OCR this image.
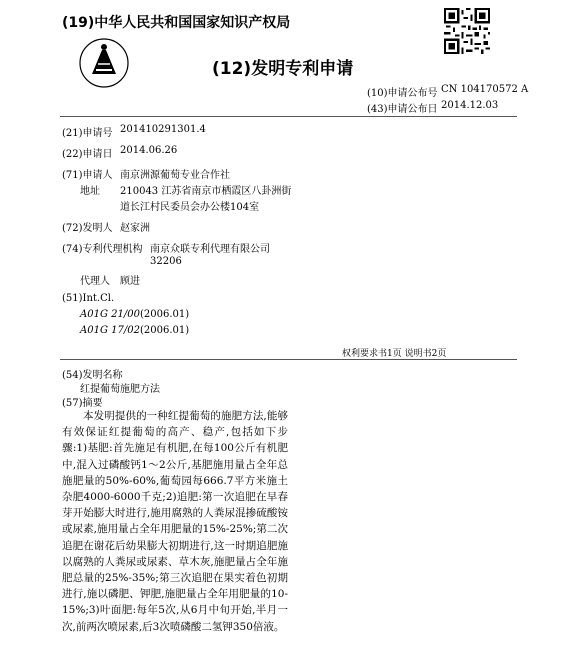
(19)中华人民共和国国家知识产权局
(12)发明专利申请
(10)申请公布号 CN 104170572 A
(43)申请公布日 2014.12.03
(21)申请号 201410291301.4
(22)申请日 2014.06.26
(71)申请人 南京洲源葡萄专业合作社
地址 210043 江苏省南京市栖霞区八卦洲街
道长江村民委员会办公楼104室
(72)发明人 赵家洲
(74)专利代理机构 南京众联专利代理有限公司
32206
代理人 顾进
(51)Int.Cl.
A01G 21/00 (2006.01)
A01G 17/02 (2006.01)
权利要求书1页 说明书2页
(54)发明名称
红提葡萄施肥方法
(57)摘要

本发明提供的一种红提葡萄的施肥方法,能够有效保证红提葡萄的高产、稳产,包括如下步骤:1)基肥:首先施足有机肥,在每100公斤有机肥中,混入过磷酸钙1～2公斤,基肥施用量占全年总施肥量的50%-60%,葡萄园每666.7平方米施土杂肥4000-6000千克;2)追肥:第一次追肥在早春芽开始膨大时进行,施用腐熟的人粪尿混掺硫酸铵或尿素,施用量占全年用肥量的15%-25%;第二次追肥在谢花后幼果膨大初期进行,这一时期追肥施以腐熟的人粪尿或尿素、草木灰,施肥量占全年施肥总量的25%-35%;第三次追肥在果实着色初期进行,施以磷肥、钾肥,施肥量占全年用肥量的10-15%;3)叶面肥:每年5次,从6月中旬开始,半月一次,前两次喷尿素,后3次喷磷酸二氢钾350倍液。
